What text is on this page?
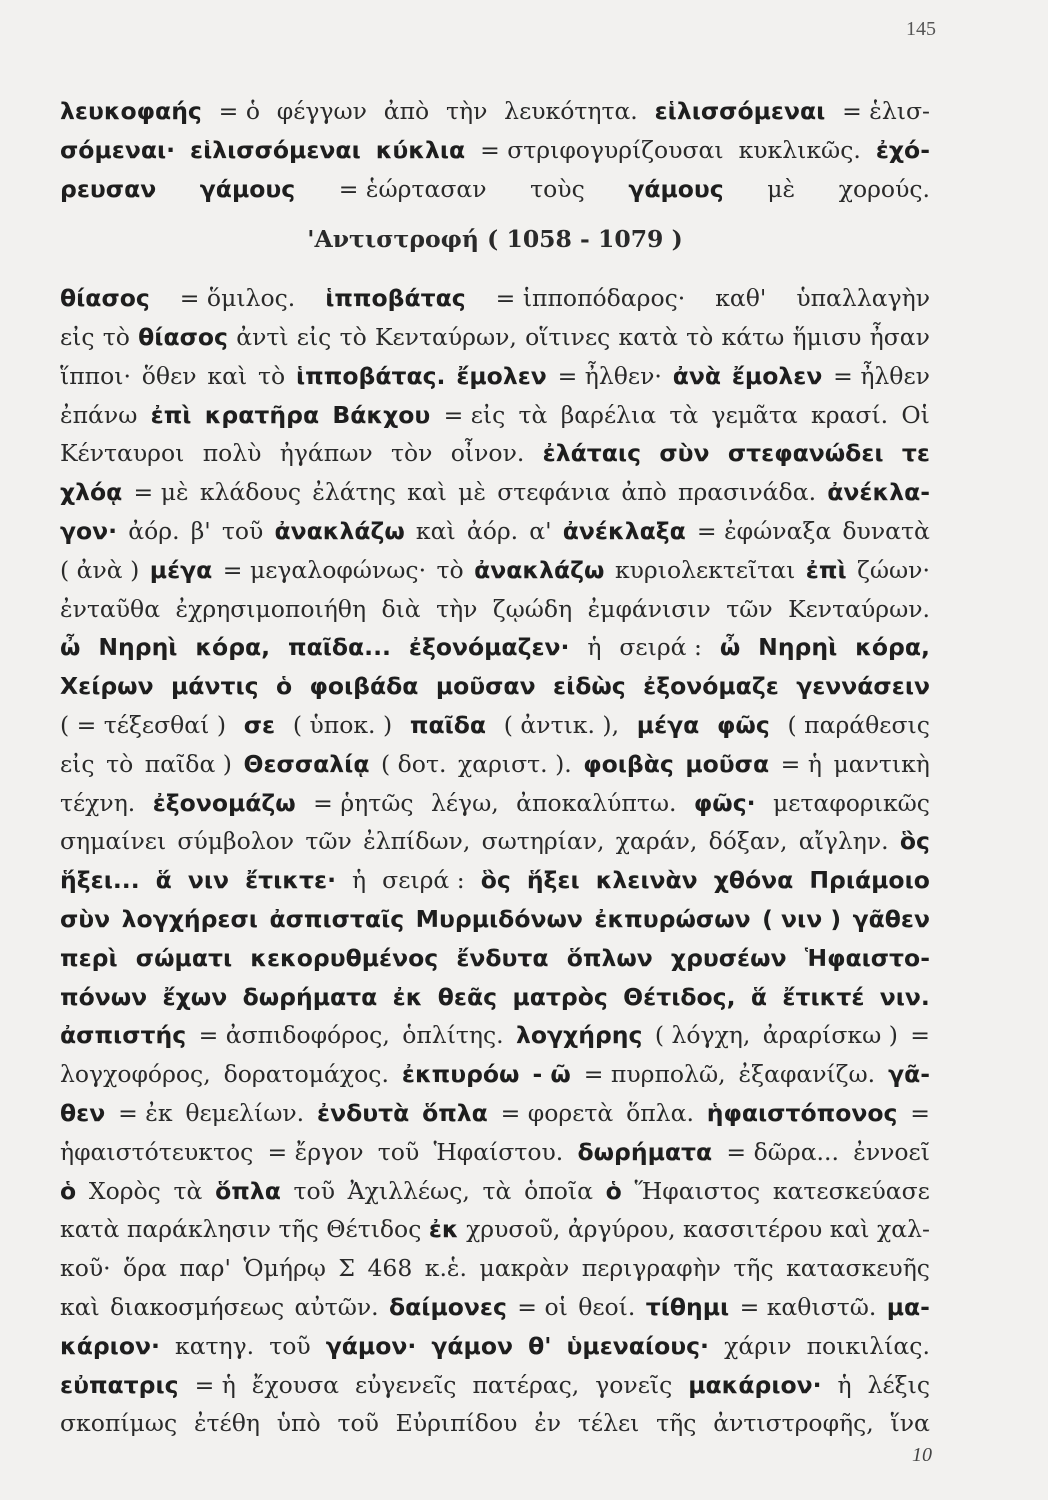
145
λευκοφαής = ὁ φέγγων ἀπὸ τὴν λευκότητα. εἱλισσόμεναι = ἑλισ-
σόμεναι· εἱλισσόμεναι κύκλια = στριφογυρίζουσαι κυκλικῶς. ἐχό-
ρευσαν γάμους = ἑώρτασαν τοὺς γάμους μὲ χορούς.
'Αντιστροφή ( 1058 - 1079 )
θίασος = ὅμιλος. ἱπποβάτας = ἱπποπόδαρος· καθ' ὑπαλλαγὴν
εἰς τὸ θίασος ἀντὶ εἰς τὸ Κενταύρων, οἵτινες κατὰ τὸ κάτω ἥμισυ ἦσαν
ἵπποι· ὅθεν καὶ τὸ ἱπποβάτας. ἔμολεν = ἦλθεν· ἀνὰ ἔμολεν = ἦλθεν
ἐπάνω ἐπὶ κρατῆρα Βάκχου = εἰς τὰ βαρέλια τὰ γεμᾶτα κρασί. Οἱ
Κένταυροι πολὺ ἠγάπων τὸν οἶνον. ἐλάταις σὺν στεφανώδει τε
χλόᾳ = μὲ κλάδους ἐλάτης καὶ μὲ στεφάνια ἀπὸ πρασινάδα. ἀνέκλα-
γον· ἀόρ. β' τοῦ ἀνακλάζω καὶ ἀόρ. α' ἀνέκλαξα = ἐφώναξα δυνατὰ
( ἀνὰ ) μέγα = μεγαλοφώνως· τὸ ἀνακλάζω κυριολεκτεῖται ἐπὶ ζώων·
ἐνταῦθα ἐχρησιμοποιήθη διὰ τὴν ζῳώδη ἐμφάνισιν τῶν Κενταύρων.
ὦ Νηρηὶ κόρα, παῖδα... ἐξονόμαζεν· ἡ σειρά : ὦ Νηρηὶ κόρα,
Χείρων μάντις ὁ φοιβάδα μοῦσαν εἰδὼς ἐξονόμαζε γεννάσειν
( = τέξεσθαί ) σε ( ὑποκ. ) παῖδα ( ἀντικ. ), μέγα φῶς ( παράθεσις
εἰς τὸ παῖδα ) Θεσσαλίᾳ ( δοτ. χαριστ. ). φοιβὰς μοῦσα = ἡ μαντικὴ
τέχνη. ἐξονομάζω = ῥητῶς λέγω, ἀποκαλύπτω. φῶς· μεταφορικῶς
σημαίνει σύμβολον τῶν ἐλπίδων, σωτηρίαν, χαράν, δόξαν, αἴγλην. ὃς
ἥξει... ἅ νιν ἔτικτε· ἡ σειρά : ὃς ἥξει κλεινὰν χθόνα Πριάμοιο
σὺν λογχήρεσι ἀσπισταῖς Μυρμιδόνων ἐκπυρώσων ( νιν ) γᾶθεν
περὶ σώματι κεκορυθμένος ἔνδυτα ὅπλων χρυσέων Ἡφαιστο-
πόνων ἔχων δωρήματα ἐκ θεᾶς ματρὸς Θέτιδος, ἅ ἔτικτέ νιν.
ἀσπιστής = ἀσπιδοφόρος, ὁπλίτης. λογχήρης ( λόγχη, ἀραρίσκω ) =
λογχοφόρος, δορατομάχος. ἐκπυρόω - ῶ = πυρπολῶ, ἐξαφανίζω. γᾶ-
θεν = ἐκ θεμελίων. ἐνδυτὰ ὅπλα = φορετὰ ὅπλα. ἡφαιστόπονος =
ἡφαιστότευκτος = ἔργον τοῦ Ἡφαίστου. δωρήματα = δῶρα... ἐννοεῖ
ὁ Χορὸς τὰ ὅπλα τοῦ Ἀχιλλέως, τὰ ὁποῖα ὁ Ἥφαιστος κατεσκεύασε
κατὰ παράκλησιν τῆς Θέτιδος ἐκ χρυσοῦ, ἀργύρου, κασσιτέρου καὶ χαλ-
κοῦ· ὅρα παρ' Ὁμήρῳ Σ 468 κ.ἑ. μακρὰν περιγραφὴν τῆς κατασκευῆς
καὶ διακοσμήσεως αὐτῶν. δαίμονες = οἱ θεοί. τίθημι = καθιστῶ. μα-
κάριον· κατηγ. τοῦ γάμον· γάμον θ' ὑμεναίους· χάριν ποικιλίας.
εὐπατρις = ἡ ἔχουσα εὐγενεῖς πατέρας, γονεῖς μακάριον· ἡ λέξις
σκοπίμως ἐτέθη ὑπὸ τοῦ Εὐριπίδου ἐν τέλει τῆς ἀντιστροφῆς, ἵνα
10
